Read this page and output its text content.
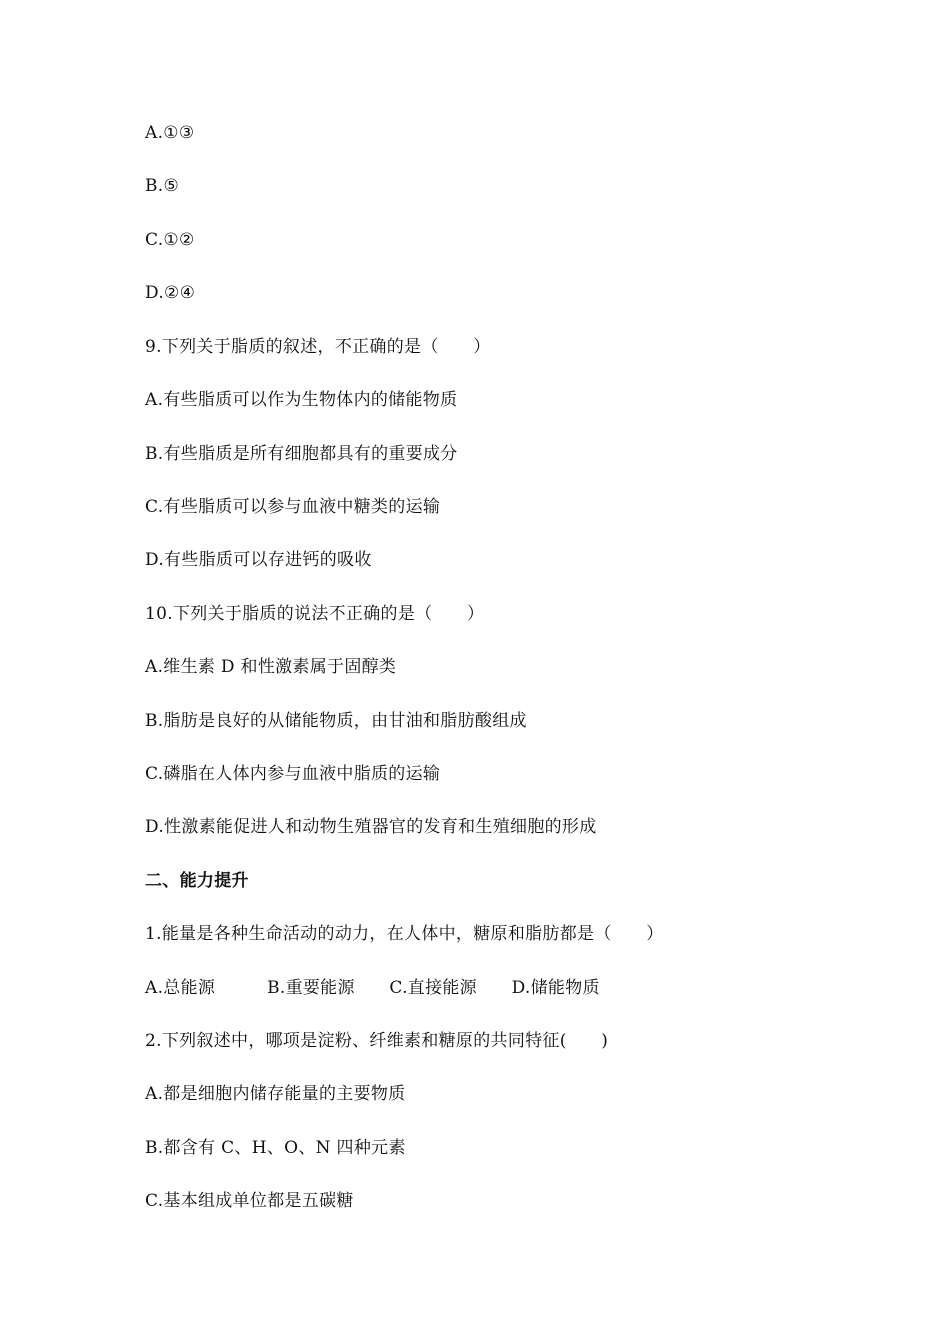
A.①③
B.⑤
C.①②
D.②④
9.下列关于脂质的叙述，不正确的是（　　）
A.有些脂质可以作为生物体内的储能物质
B.有些脂质是所有细胞都具有的重要成分
C.有些脂质可以参与血液中糖类的运输
D.有些脂质可以存进钙的吸收
10.下列关于脂质的说法不正确的是（　　）
A.维生素 D 和性激素属于固醇类
B.脂肪是良好的从储能物质，由甘油和脂肪酸组成
C.磷脂在人体内参与血液中脂质的运输
D.性激素能促进人和动物生殖器官的发育和生殖细胞的形成
二、能力提升
1.能量是各种生命活动的动力，在人体中，糖原和脂肪都是（　　）
A.总能源　　　B.重要能源　　C.直接能源　　D.储能物质
2.下列叙述中，哪项是淀粉、纤维素和糖原的共同特征(　　)
A.都是细胞内储存能量的主要物质
B.都含有 C、H、O、N 四种元素
C.基本组成单位都是五碳糖
